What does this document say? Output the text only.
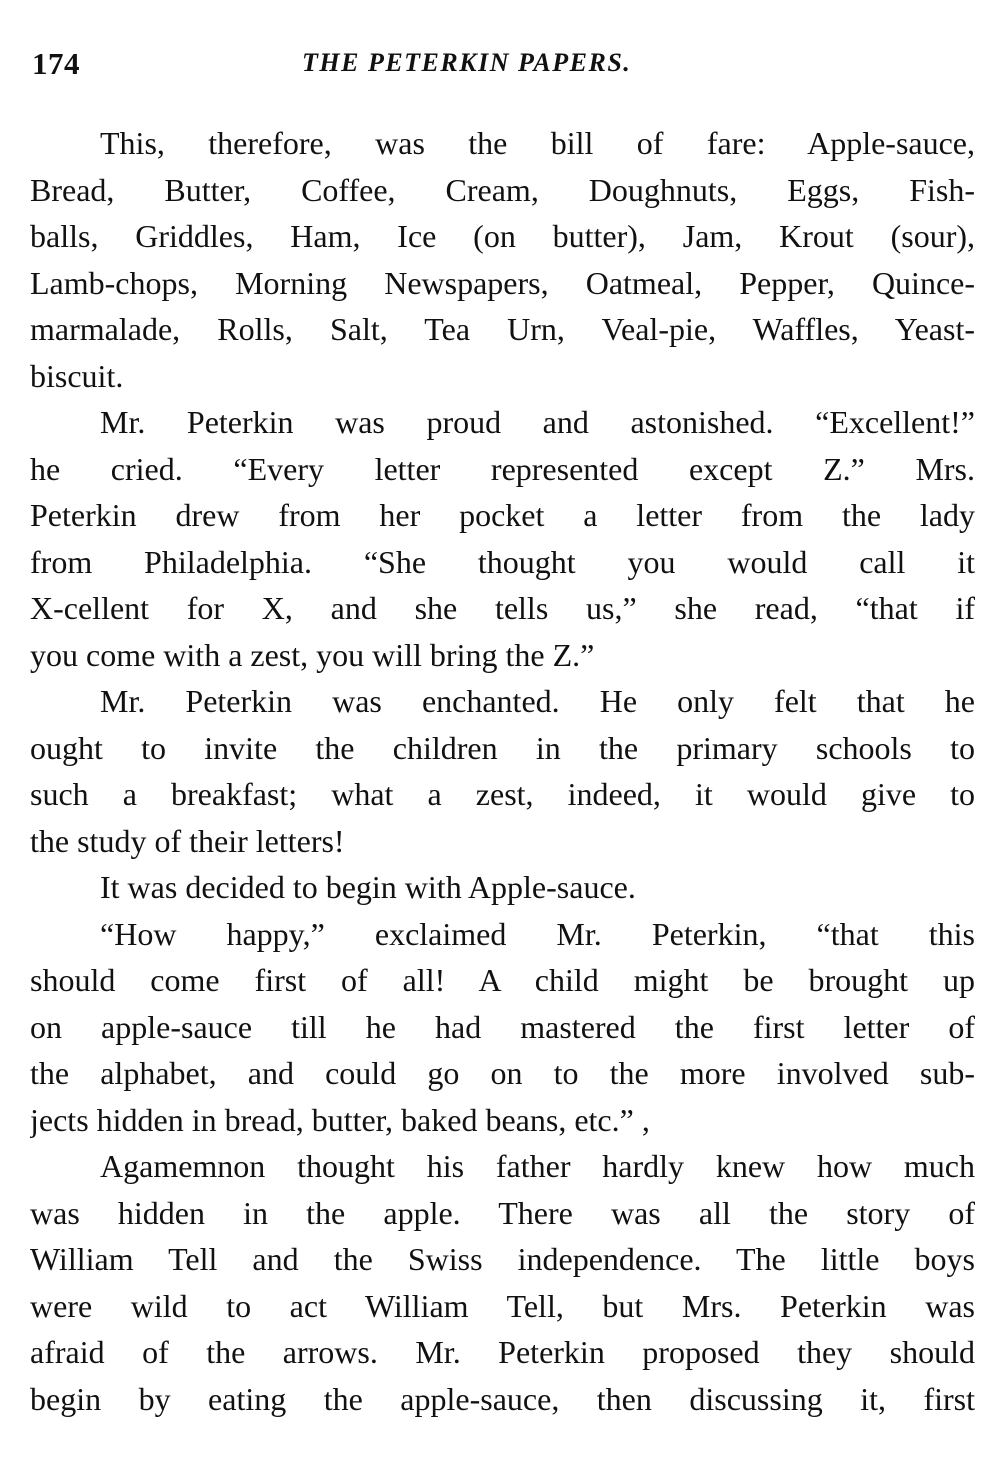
174	THE PETERKIN PAPERS.
This, therefore, was the bill of fare: Apple-sauce,
Bread, Butter, Coffee, Cream, Doughnuts, Eggs, Fish-
balls, Griddles, Ham, Ice (on butter), Jam, Krout (sour),
Lamb-chops, Morning Newspapers, Oatmeal, Pepper, Quince-
marmalade, Rolls, Salt, Tea Urn, Veal-pie, Waffles, Yeast-
biscuit.
Mr. Peterkin was proud and astonished. “Excellent!”
he cried. “Every letter represented except Z.” Mrs.
Peterkin drew from her pocket a letter from the lady
from Philadelphia. “She thought you would call it
X-cellent for X, and she tells us,” she read, “that if
you come with a zest, you will bring the Z.”
Mr. Peterkin was enchanted. He only felt that he
ought to invite the children in the primary schools to
such a breakfast; what a zest, indeed, it would give to
the study of their letters!
It was decided to begin with Apple-sauce.
“How happy,” exclaimed Mr. Peterkin, “that this
should come first of all! A child might be brought up
on apple-sauce till he had mastered the first letter of
the alphabet, and could go on to the more involved sub-
jects hidden in bread, butter, baked beans, etc.” ,
Agamemnon thought his father hardly knew how much
was hidden in the apple. There was all the story of
William Tell and the Swiss independence. The little boys
were wild to act William Tell, but Mrs. Peterkin was
afraid of the arrows. Mr. Peterkin proposed they should
begin by eating the apple-sauce, then discussing it, first
